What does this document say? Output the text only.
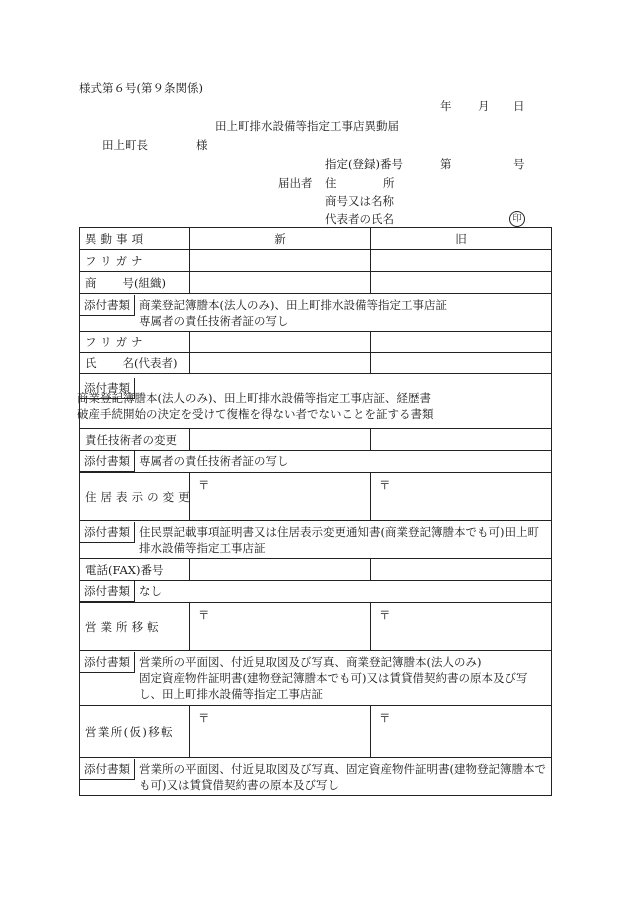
様式第６号(第９条関係)
年 月 日
田上町排水設備等指定工事店異動届
田上町長	様
指定(登録)番号	第	号
届出者 住	所
商号又は名称
代表者の氏名	印
異動事項	新	旧
フリガナ		
商 号(組織)		

添付書類 商業登記簿謄本(法人のみ)、田上町排水設備等指定工事店証
専属者の責任技術者証の写し		

フリガナ		
氏 名(代表者)		

添付書類
商業登記簿謄本(法人のみ)、田上町排水設備等指定工事店証、経歴書
破産手続開始の決定を受けて復権を得ない者でないことを証する書類		

責任技術者の変更		

添付書類 専属者の責任技術者証の写し		

住居表示の変更	〒	〒

添付書類 住民票記載事項証明書又は住居表示変更通知書(商業登記簿謄本でも可)田上町排水設備等指定工事店証		

電話(FAX)番号		

添付書類 なし		

営業所移転	〒	〒

添付書類 営業所の平面図、付近見取図及び写真、商業登記簿謄本(法人のみ)
固定資産物件証明書(建物登記簿謄本でも可)又は賃貸借契約書の原本及び写し、田上町排水設備等指定工事店証		

営業所(仮)移転	〒	〒

添付書類 営業所の平面図、付近見取図及び写真、固定資産物件証明書(建物登記簿謄本でも可)又は賃貸借契約書の原本及び写し		
